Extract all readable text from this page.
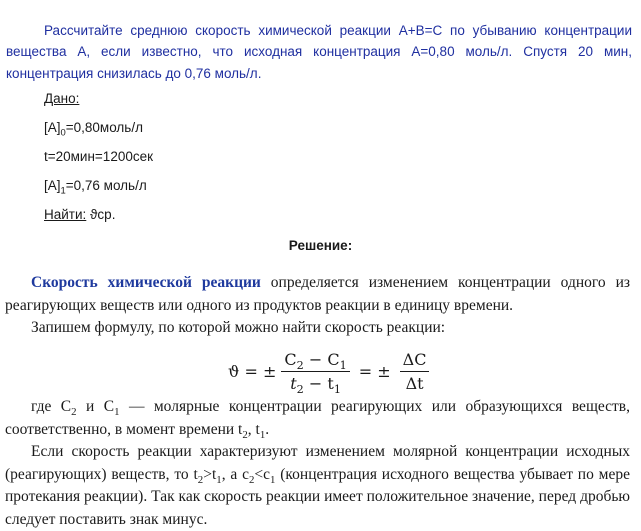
Рассчитайте среднюю скорость химической реакции A+B=C по убыванию концентрации вещества А, если известно, что исходная концентрация А=0,80 моль/л. Спустя 20 мин, концентрация снизилась до 0,76 моль/л.

Дано:
$[A]_0=0,80моль/л$
t=20мин=1200сек
$[A]_1=0,76$ моль/л
Найти: ϑср.
Решение:

Скорость химической реакции определяется изменением концентрации одного из реагирующих веществ или одного из продуктов реакции в единицу времени.

Запишем формулу, по которой можно найти скорость реакции:

ϑ = ± $\frac{C_2 - C_1}{t_2 - t_1}$ = ± $\frac{\Delta C}{\Delta t}$

где $С_2$ и $С_1$ — молярные концентрации реагирующих или образующихся веществ, соответственно, в момент времени $t_2$, $t_1$.

Если скорость реакции характеризуют изменением молярной концентрации исходных (реагирующих) веществ, то $t_2>t_1$, а $c_2<c_1$ (концентрация исходного вещества убывает по мере протекания реакции). Так как скорость реакции имеет положительное значение, перед дробью следует поставить знак минус.
